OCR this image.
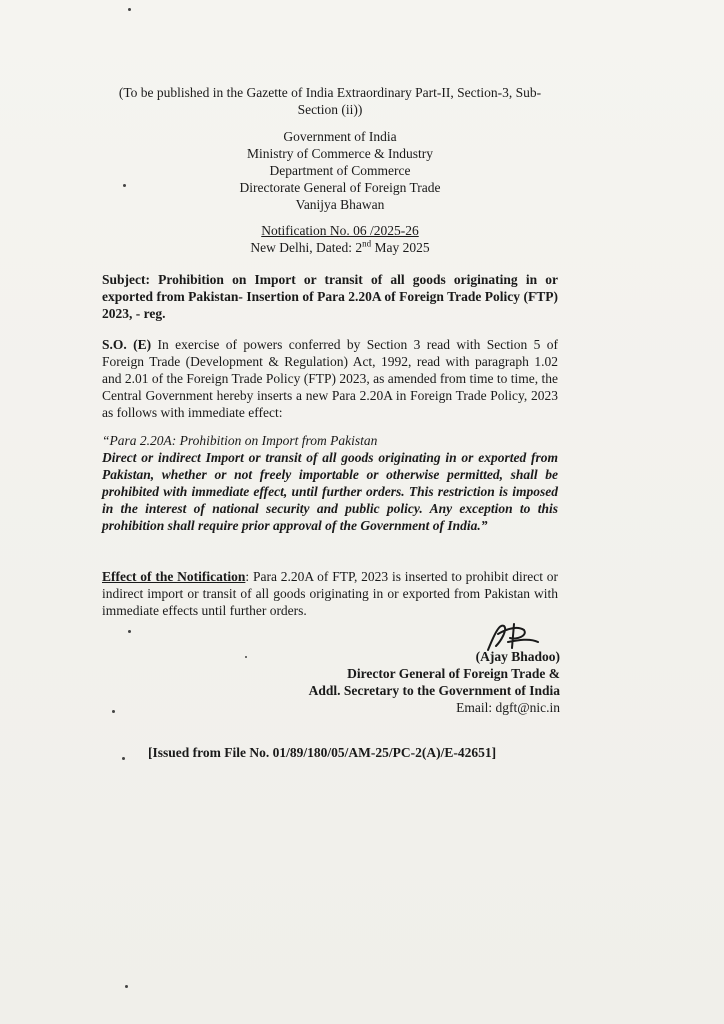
(To be published in the Gazette of India Extraordinary Part-II, Section-3, Sub-Section (ii))
Government of India
Ministry of Commerce & Industry
Department of Commerce
Directorate General of Foreign Trade
Vanijya Bhawan
Notification No. 06 /2025-26
New Delhi, Dated: 2nd May 2025

Subject: Prohibition on Import or transit of all goods originating in or exported from Pakistan- Insertion of Para 2.20A of Foreign Trade Policy (FTP) 2023, - reg.

S.O. (E) In exercise of powers conferred by Section 3 read with Section 5 of Foreign Trade (Development & Regulation) Act, 1992, read with paragraph 1.02 and 2.01 of the Foreign Trade Policy (FTP) 2023, as amended from time to time, the Central Government hereby inserts a new Para 2.20A in Foreign Trade Policy, 2023 as follows with immediate effect:

“Para 2.20A: Prohibition on Import from Pakistan

Direct or indirect Import or transit of all goods originating in or exported from Pakistan, whether or not freely importable or otherwise permitted, shall be prohibited with immediate effect, until further orders. This restriction is imposed in the interest of national security and public policy. Any exception to this prohibition shall require prior approval of the Government of India.”

Effect of the Notification: Para 2.20A of FTP, 2023 is inserted to prohibit direct or indirect import or transit of all goods originating in or exported from Pakistan with immediate effects until further orders.

(Ajay Bhadoo)
Director General of Foreign Trade &
Addl. Secretary to the Government of India
Email: dgft@nic.in
[Issued from File No. 01/89/180/05/AM-25/PC-2(A)/E-42651]
